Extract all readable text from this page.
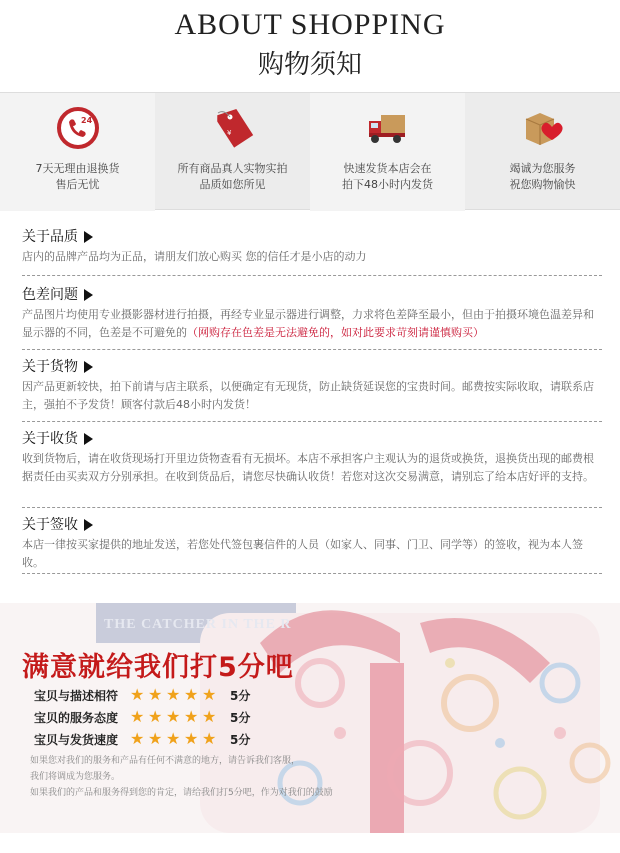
ABOUT SHOPPING
购物须知
24
7天无理由退换货
售后无忧
¥
所有商品真人实物实拍
品质如您所见
快速发货本店会在
拍下48小时内发货
竭诚为您服务
祝您购物愉快
关于品质
店内的品牌产品均为正品，请朋友们放心购买 您的信任才是小店的动力
色差问题
产品图片均使用专业摄影器材进行拍摄，再经专业显示器进行调整，力求将色差降至最小，但由于拍摄环境色温差异和显示器的不同，色差是不可避免的（网购存在色差是无法避免的，如对此要求苛刻请谨慎购买）
关于货物
因产品更新较快，拍下前请与店主联系，以便确定有无现货，防止缺货延误您的宝贵时间。邮费按实际收取，请联系店主，强拍不予发货！顾客付款后48小时内发货！
关于收货
收到货物后，请在收货现场打开里边货物查看有无损坏。本店不承担客户主观认为的退货或换货，退换货出现的邮费根据责任由买卖双方分别承担。在收到货品后，请您尽快确认收货！若您对这次交易满意，请别忘了给本店好评的支持。
关于签收
本店一律按买家提供的地址发送，若您处代签包裹信件的人员（如家人、同事、门卫、同学等）的签收，视为本人签收。
THE CATCHER IN THE R
满意就给我们打5分吧
宝贝与描述相符 ★ ★ ★ ★ ★	5分
宝贝的服务态度 ★ ★ ★ ★ ★	5分
宝贝与发货速度 ★ ★ ★ ★ ★	5分
如果您对我们的服务和产品有任何不满意的地方，请告诉我们客服，
我们将调成为您服务。
如果我们的产品和服务得到您的肯定，请给我们打5分吧，作为对我们的鼓励
